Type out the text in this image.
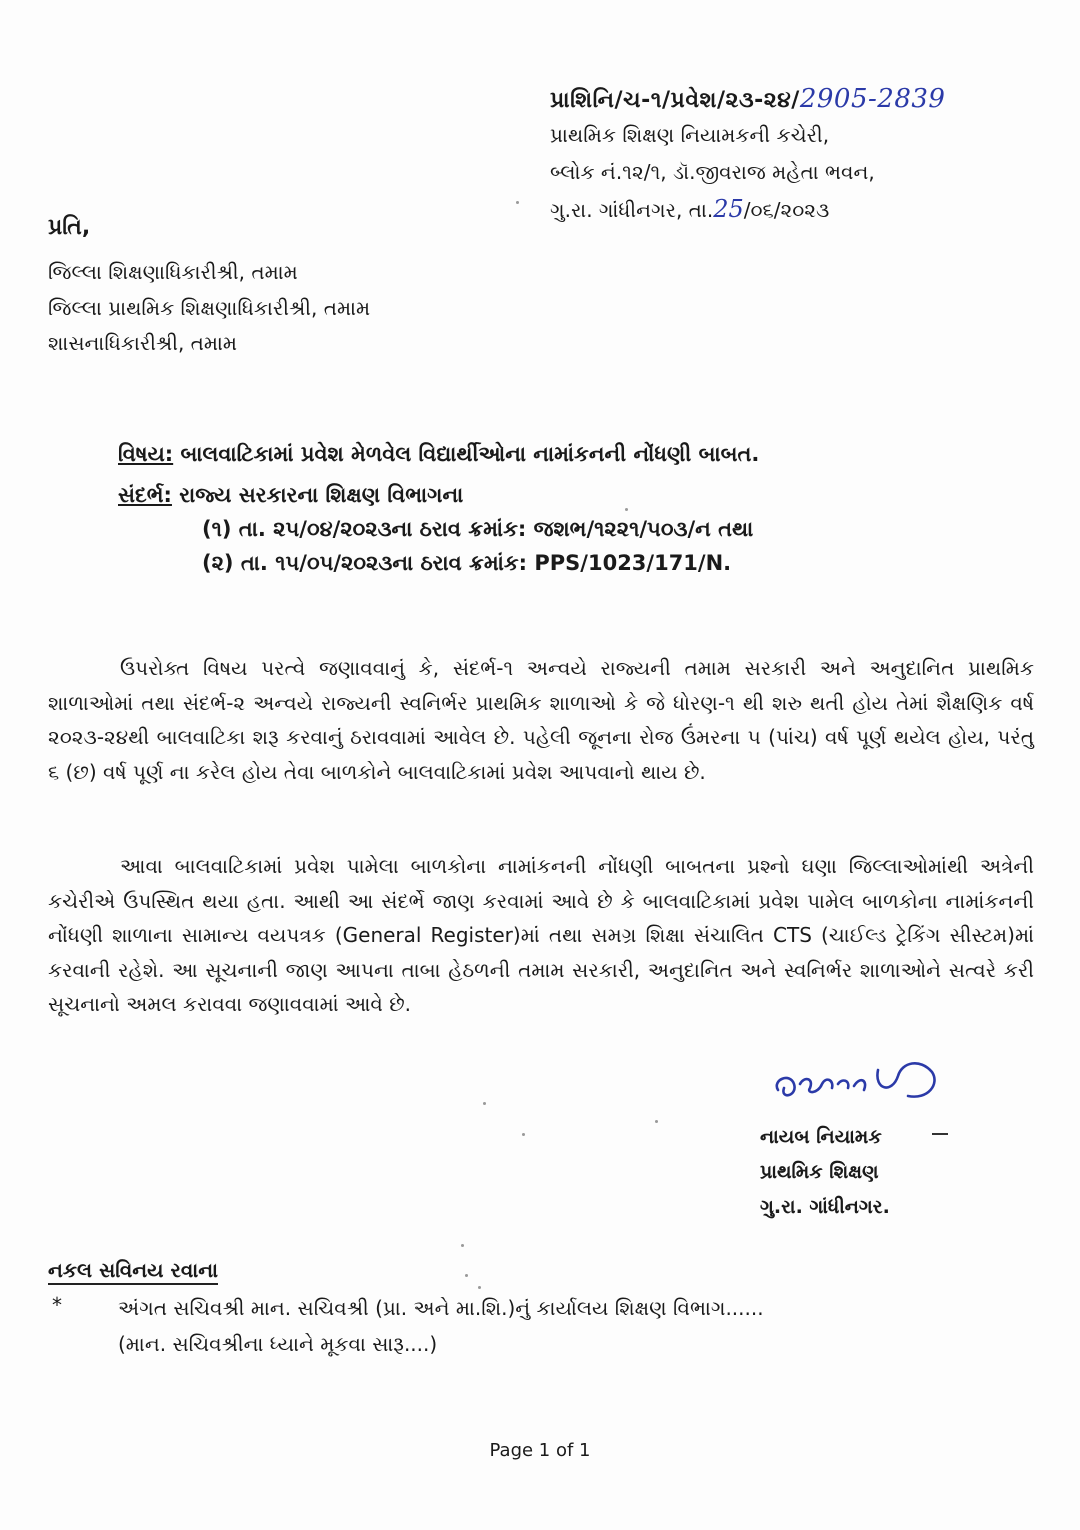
પ્રાશિનિ/ચ-૧/પ્રવેશ/૨૩-૨૪/2905-2839
પ્રાથમિક શિક્ષણ નિયામકની કચેરી,
બ્લોક નં.૧૨/૧, ડૉ.જીવરાજ મહેતા ભવન,
ગુ.રા. ગાંધીનગર, તા.25/૦૬/૨૦૨૩
પ્રતિ,
જિલ્લા શિક્ષણાધિકારીશ્રી, તમામ
જિલ્લા પ્રાથમિક શિક્ષણાધિકારીશ્રી, તમામ
શાસનાધિકારીશ્રી, તમામ
વિષય: બાલવાટિકામાં પ્રવેશ મેળવેલ વિદ્યાર્થીઓના નામાંકનની નોંધણી બાબત.
સંદર્ભ: રાજ્ય સરકારના શિક્ષણ વિભાગના
(૧) તા. ૨૫/૦૪/૨૦૨૩ના ઠરાવ ક્રમાંક: જશભ/૧૨૨૧/૫૦૩/ન તથા
(૨) તા. ૧૫/૦૫/૨૦૨૩ના ઠરાવ ક્રમાંક: PPS/1023/171/N.
ઉપરોક્ત વિષય પરત્વે જણાવવાનું કે, સંદર્ભ-૧ અન્વયે રાજ્યની તમામ સરકારી અને અનુદાનિત પ્રાથમિક શાળાઓમાં તથા સંદર્ભ-૨ અન્વયે રાજ્યની સ્વનિર્ભર પ્રાથમિક શાળાઓ કે જે ધોરણ-૧ થી શરુ થતી હોય તેમાં શૈક્ષણિક વર્ષ ૨૦૨૩-૨૪થી બાલવાટિકા શરૂ કરવાનું ઠરાવવામાં આવેલ છે. પહેલી જૂનના રોજ ઉંમરના ૫ (પાંચ) વર્ષ પૂર્ણ થયેલ હોય, પરંતુ ૬ (છ) વર્ષ પૂર્ણ ના કરેલ હોય તેવા બાળકોને બાલવાટિકામાં પ્રવેશ આપવાનો થાય છે.
આવા બાલવાટિકામાં પ્રવેશ પામેલા બાળકોના નામાંકનની નોંધણી બાબતના પ્રશ્નો ઘણા જિલ્લાઓમાંથી અત્રેની કચેરીએ ઉપસ્થિત થયા હતા. આથી આ સંદર્ભે જાણ કરવામાં આવે છે કે બાલવાટિકામાં પ્રવેશ પામેલ બાળકોના નામાંકનની નોંધણી શાળાના સામાન્ય વયપત્રક (General Register)માં તથા સમગ્ર શિક્ષા સંચાલિત CTS (ચાઈલ્ડ ટ્રેકિંગ સીસ્ટમ)માં કરવાની રહેશે. આ સૂચનાની જાણ આપના તાબા હેઠળની તમામ સરકારી, અનુદાનિત અને સ્વનિર્ભર શાળાઓને સત્વરે કરી સૂચનાનો અમલ કરાવવા જણાવવામાં આવે છે.
નાયબ નિયામક
પ્રાથમિક શિક્ષણ
ગુ.રા. ગાંધીનગર.
નકલ સવિનય રવાના
*	અંગત સચિવશ્રી માન. સચિવશ્રી (પ્રા. અને મા.શિ.)નું કાર્યાલય શિક્ષણ વિભાગ......
(માન. સચિવશ્રીના ધ્યાને મૂકવા સારૂ....)
Page 1 of 1
